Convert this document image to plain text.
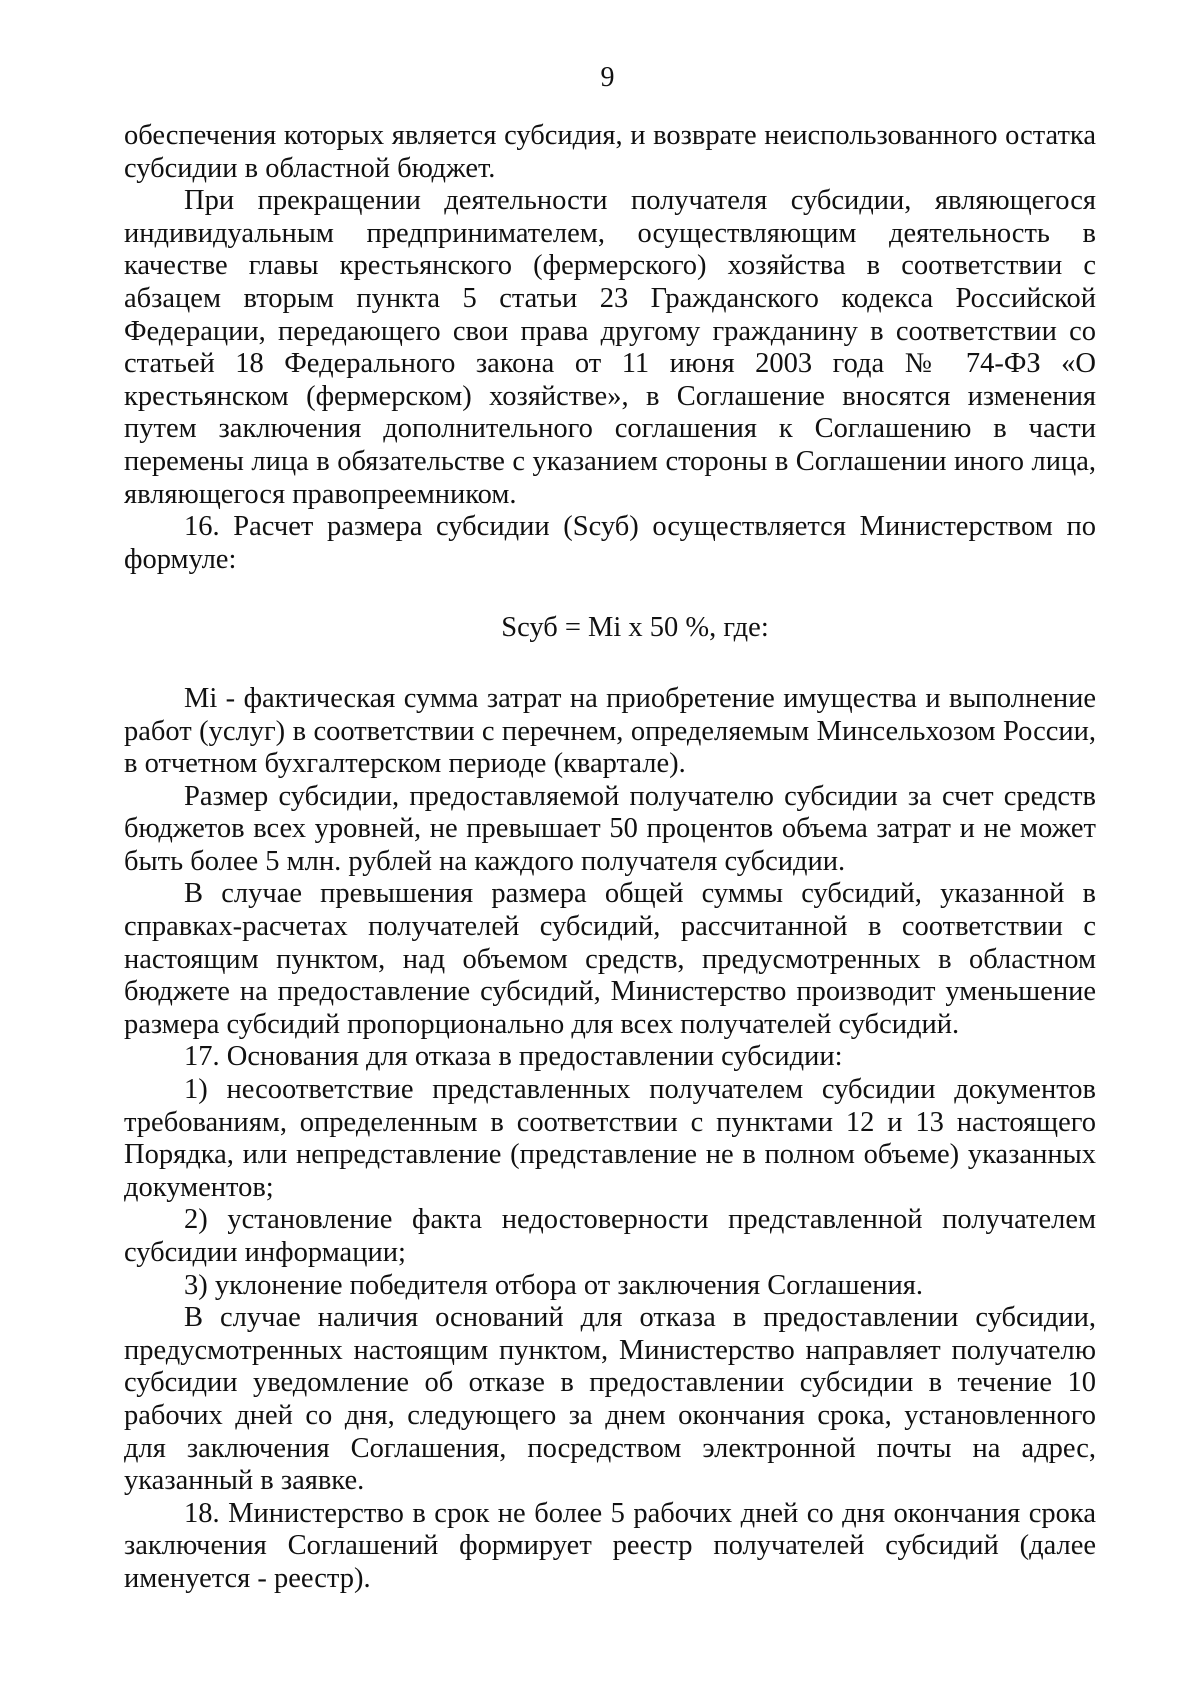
9

обеспечения которых является субсидия, и возврате неиспользованного остатка субсидии в областной бюджет.

При прекращении деятельности получателя субсидии, являющегося индивидуальным предпринимателем, осуществляющим деятельность в качестве главы крестьянского (фермерского) хозяйства в соответствии с абзацем вторым пункта 5 статьи 23 Гражданского кодекса Российской Федерации, передающего свои права другому гражданину в соответствии со статьей 18 Федерального закона от 11 июня 2003 года № 74-ФЗ «О крестьянском (фермерском) хозяйстве», в Соглашение вносятся изменения путем заключения дополнительного соглашения к Соглашению в части перемены лица в обязательстве с указанием стороны в Соглашении иного лица, являющегося правопреемником.

16. Расчет размера субсидии (Sсуб) осуществляется Министерством по формуле:

Sсуб = Mi x 50 %, где:

Mi - фактическая сумма затрат на приобретение имущества и выполнение работ (услуг) в соответствии с перечнем, определяемым Минсельхозом России, в отчетном бухгалтерском периоде (квартале).

Размер субсидии, предоставляемой получателю субсидии за счет средств бюджетов всех уровней, не превышает 50 процентов объема затрат и не может быть более 5 млн. рублей на каждого получателя субсидии.

В случае превышения размера общей суммы субсидий, указанной в справках-расчетах получателей субсидий, рассчитанной в соответствии с настоящим пунктом, над объемом средств, предусмотренных в областном бюджете на предоставление субсидий, Министерство производит уменьшение размера субсидий пропорционально для всех получателей субсидий.

17. Основания для отказа в предоставлении субсидии:

1) несоответствие представленных получателем субсидии документов требованиям, определенным в соответствии с пунктами 12 и 13 настоящего Порядка, или непредставление (представление не в полном объеме) указанных документов;

2) установление факта недостоверности представленной получателем субсидии информации;

3) уклонение победителя отбора от заключения Соглашения.

В случае наличия оснований для отказа в предоставлении субсидии, предусмотренных настоящим пунктом, Министерство направляет получателю субсидии уведомление об отказе в предоставлении субсидии в течение 10 рабочих дней со дня, следующего за днем окончания срока, установленного для заключения Соглашения, посредством электронной почты на адрес, указанный в заявке.

18. Министерство в срок не более 5 рабочих дней со дня окончания срока заключения Соглашений формирует реестр получателей субсидий (далее именуется - реестр).
